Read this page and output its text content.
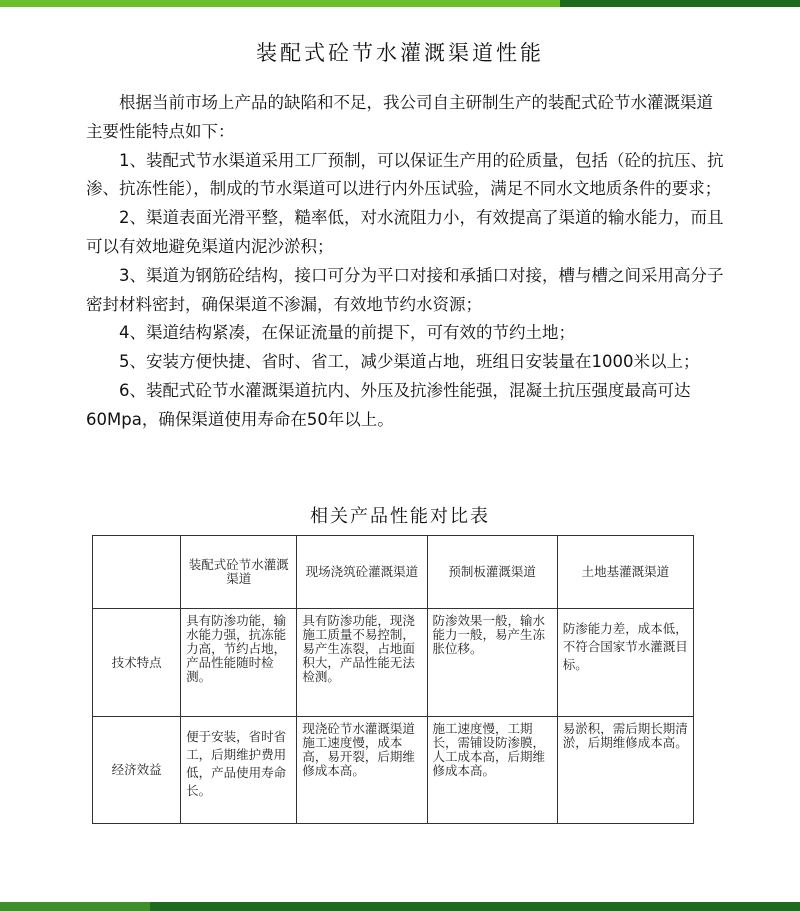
装配式砼节水灌溉渠道性能

根据当前市场上产品的缺陷和不足，我公司自主研制生产的装配式砼节水灌溉渠道主要性能特点如下：

1、装配式节水渠道采用工厂预制，可以保证生产用的砼质量，包括（砼的抗压、抗渗、抗冻性能），制成的节水渠道可以进行内外压试验，满足不同水文地质条件的要求；

2、渠道表面光滑平整，糙率低，对水流阻力小，有效提高了渠道的输水能力，而且可以有效地避免渠道内泥沙淤积；

3、渠道为钢筋砼结构，接口可分为平口对接和承插口对接，槽与槽之间采用高分子密封材料密封，确保渠道不渗漏，有效地节约水资源；

4、渠道结构紧凑，在保证流量的前提下，可有效的节约土地；

5、安装方便快捷、省时、省工，减少渠道占地，班组日安装量在1000米以上；

6、装配式砼节水灌溉渠道抗内、外压及抗渗性能强，混凝土抗压强度最高可达60Mpa，确保渠道使用寿命在50年以上。

相关产品性能对比表
	装配式砼节水灌溉渠道	现场浇筑砼灌溉渠道	预制板灌溉渠道	土地基灌溉渠道
技术特点	具有防渗功能，输水能力强，抗冻能力高，节约占地，产品性能随时检测。	具有防渗功能，现浇施工质量不易控制，易产生冻裂，占地面积大，产品性能无法检测。	防渗效果一般，输水能力一般，易产生冻胀位移。	防渗能力差，成本低，不符合国家节水灌溉目标。

经济效益	便于安装，省时省工，后期维护费用低，产品使用寿命长。	现浇砼节水灌溉渠道施工速度慢，成本高，易开裂，后期维修成本高。	施工速度慢，工期长，需铺设防渗膜，人工成本高，后期维修成本高。	易淤积，需后期长期清淤，后期维修成本高。
